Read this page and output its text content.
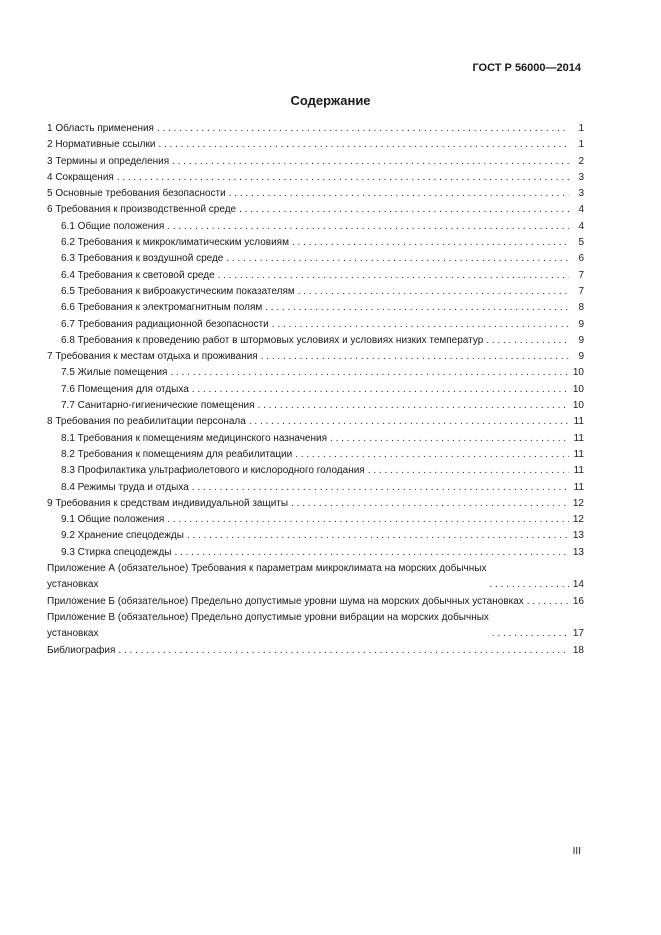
ГОСТ Р 56000—2014
Содержание
1 Область применения . . .	1
2 Нормативные ссылки . . .	1
3 Термины и определения . . .	2
4 Сокращения . . .	3
5 Основные требования безопасности . . .	3
6 Требования к производственной среде . . .	4
6.1 Общие положения . . .	4
6.2 Требования к микроклиматическим условиям . . .	5
6.3 Требования к воздушной среде . . .	6
6.4 Требования к световой среде . . .	7
6.5 Требования к виброакустическим показателям . . .	7
6.6 Требования к электромагнитным полям . . .	8
6.7 Требования радиационной безопасности . . .	9
6.8 Требования к проведению работ в штормовых условиях и условиях низких температур . . .	9
7 Требования к местам отдыха и проживания . . .	9
7.5 Жилые помещения . . .	10
7.6 Помещения для отдыха . . .	10
7.7 Санитарно-гигиенические помещения . . .	10
8 Требования по реабилитации персонала . . .	11
8.1 Требования к помещениям медицинского назначения . . .	11
8.2 Требования к помещениям для реабилитации . . .	11
8.3 Профилактика ультрафиолетового и кислородного голодания . . .	11
8.4 Режимы труда и отдыха . . .	11
9 Требования к средствам индивидуальной защиты . . .	12
9.1 Общие положения . . .	12
9.2 Хранение спецодежды . . .	13
9.3 Стирка спецодежды . . .	13
Приложение А (обязательное) Требования к параметрам микроклимата на морских добычных
установках . . .	14
Приложение Б (обязательное) Предельно допустимые уровни шума на морских добычных установках . . .	16
Приложение В (обязательное) Предельно допустимые уровни вибрации на морских добычных
установках . . .	17
Библиография . . .	18
III
